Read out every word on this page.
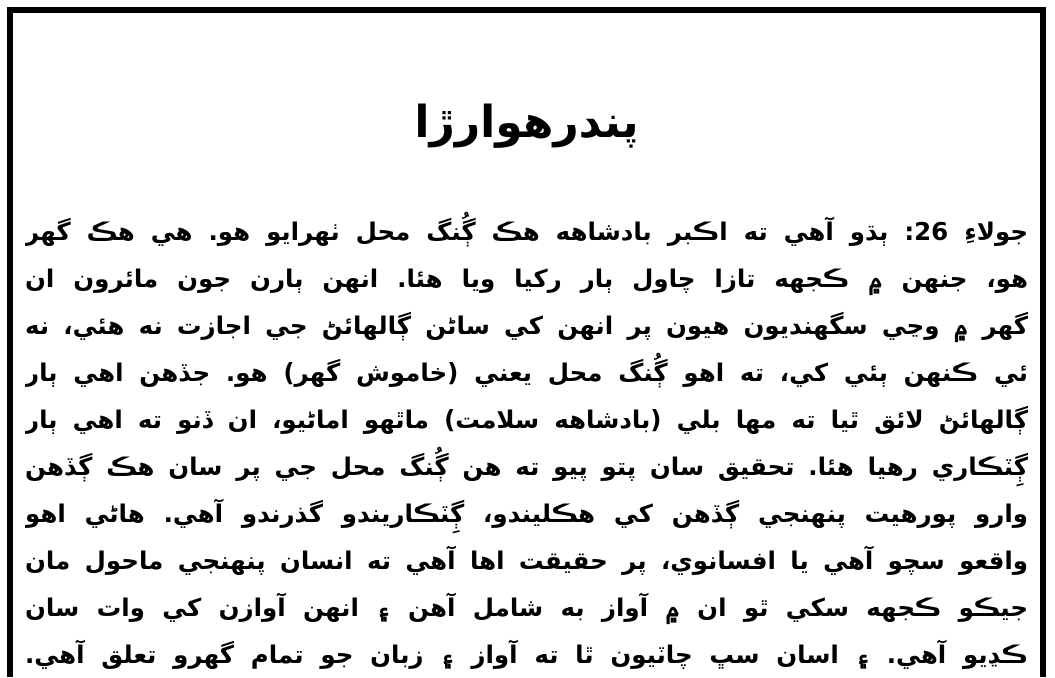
پندرهوارڙا
جولاءِ 26: ٻڌو آهي ته اڪبر بادشاهه هڪ ڳُنگ محل ٺهرايو هو. هي هڪ گهر
هو، جنهن ۾ ڪجهه تازا چاول ٻار رکيا ويا هئا. انهن ٻارن جون مائرون ان
گهر ۾ وڃي سگهنديون هيون پر انهن کي ساڻن ڳالهائڻ جي اجازت نه هئي، نه
ئي ڪنهن ٻئي کي، ته اهو ڳُنگ محل يعني (خاموش گهر) هو. جڏهن اهي ٻار
ڳالهائڻ لائق ٿيا ته مها بلي (بادشاهه سلامت) ماٿهو اماڻيو، ان ڏنو ته اهي ٻار
ڳِٽڪاري رهيا هئا. تحقيق سان پتو پيو ته هن ڳُنگ محل جي پر سان هڪ ڳڏهن
وارو پورهيت پنهنجي ڳڏهن کي هڪليندو، ڳِٽڪاريندو گذرندو آهي. هاڻي اهو
واقعو سچو آهي يا افسانوي، پر حقيقت اها آهي ته انسان پنهنجي ماحول مان
جيڪو ڪجهه سکي ٿو ان ۾ آواز به شامل آهن ۽ انهن آوازن کي وات سان
ڪڍيو آهي. ۽ اسان سڀ چاٽيون ٿا ته آواز ۽ زبان جو تمام گهرو تعلق آهي.
